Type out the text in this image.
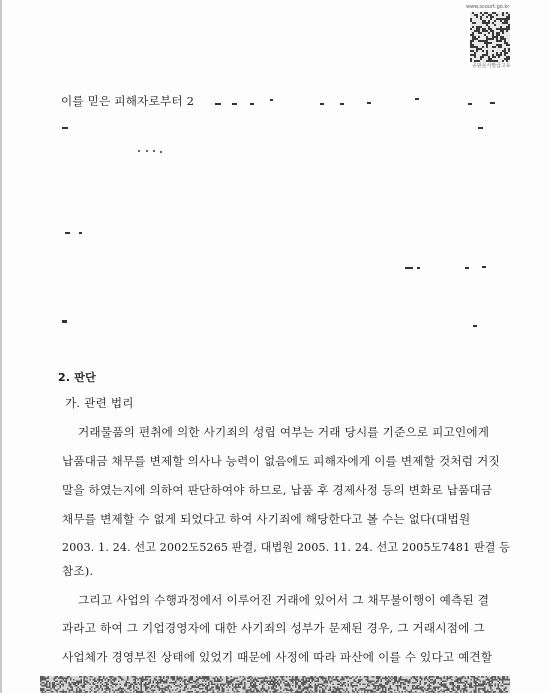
www.scourt.go.kr
공판문서발급고유
이를 믿은 피해자로부터 2
2. 판단
가. 관련 법리
거래물품의 편취에 의한 사기죄의 성립 여부는 거래 당시를 기준으로 피고인에게
납품대금 채무를 변제할 의사나 능력이 없음에도 피해자에게 이를 변제할 것처럼 거짓
말을 하였는지에 의하여 판단하여야 하므로, 납품 후 경제사정 등의 변화로 납품대금
채무를 변제할 수 없게 되었다고 하여 사기죄에 해당한다고 볼 수는 없다(대법원
2003. 1. 24. 선고 2002도5265 판결, 대법원 2005. 11. 24. 선고 2005도7481 판결 등
참조).
그리고 사업의 수행과정에서 이루어진 거래에 있어서 그 채무불이행이 예측된 결
과라고 하여 그 기업경영자에 대한 사기죄의 성부가 문제된 경우, 그 거래시점에 그
사업체가 경영부진 상태에 있었기 때문에 사정에 따라 파산에 이를 수 있다고 예견할
